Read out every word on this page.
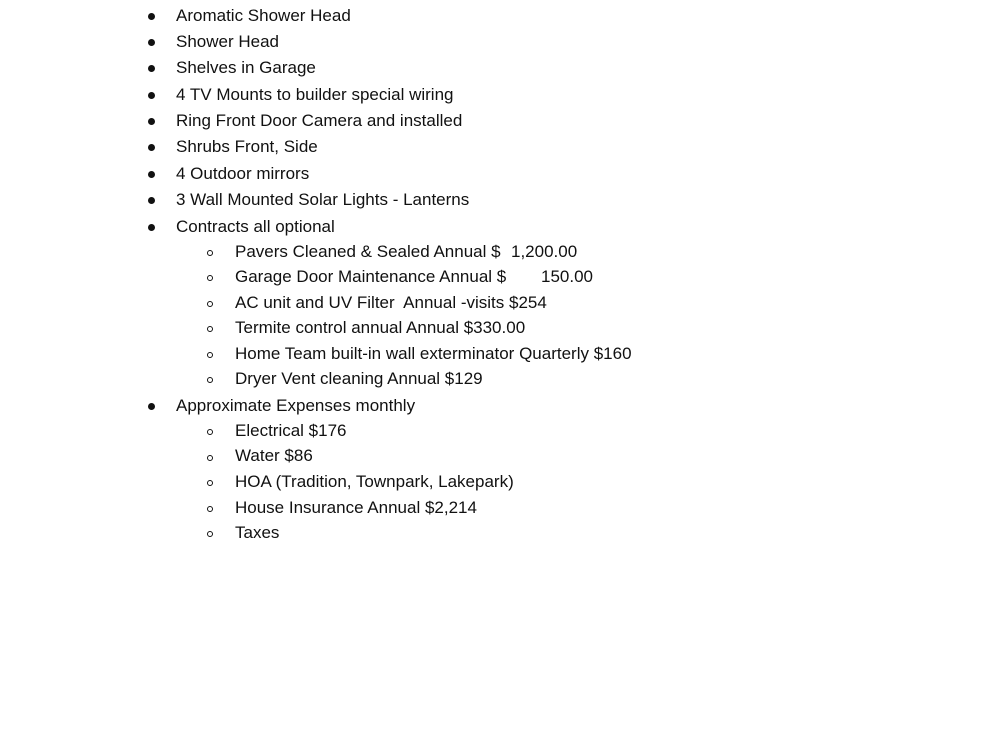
Aromatic Shower Head
Shower Head
Shelves in Garage
4 TV Mounts to builder special wiring
Ring Front Door Camera and installed
Shrubs Front, Side
4 Outdoor mirrors
3 Wall Mounted Solar Lights - Lanterns
Contracts all optional
Pavers Cleaned & Sealed Annual $ 1,200.00
Garage Door Maintenance Annual $ 150.00
AC unit and UV Filter  Annual -visits $254
Termite control annual Annual $330.00
Home Team built-in wall exterminator Quarterly $160
Dryer Vent cleaning Annual $129
Approximate Expenses monthly
Electrical $176
Water $86
HOA (Tradition, Townpark, Lakepark)
House Insurance Annual $2,214
Taxes
